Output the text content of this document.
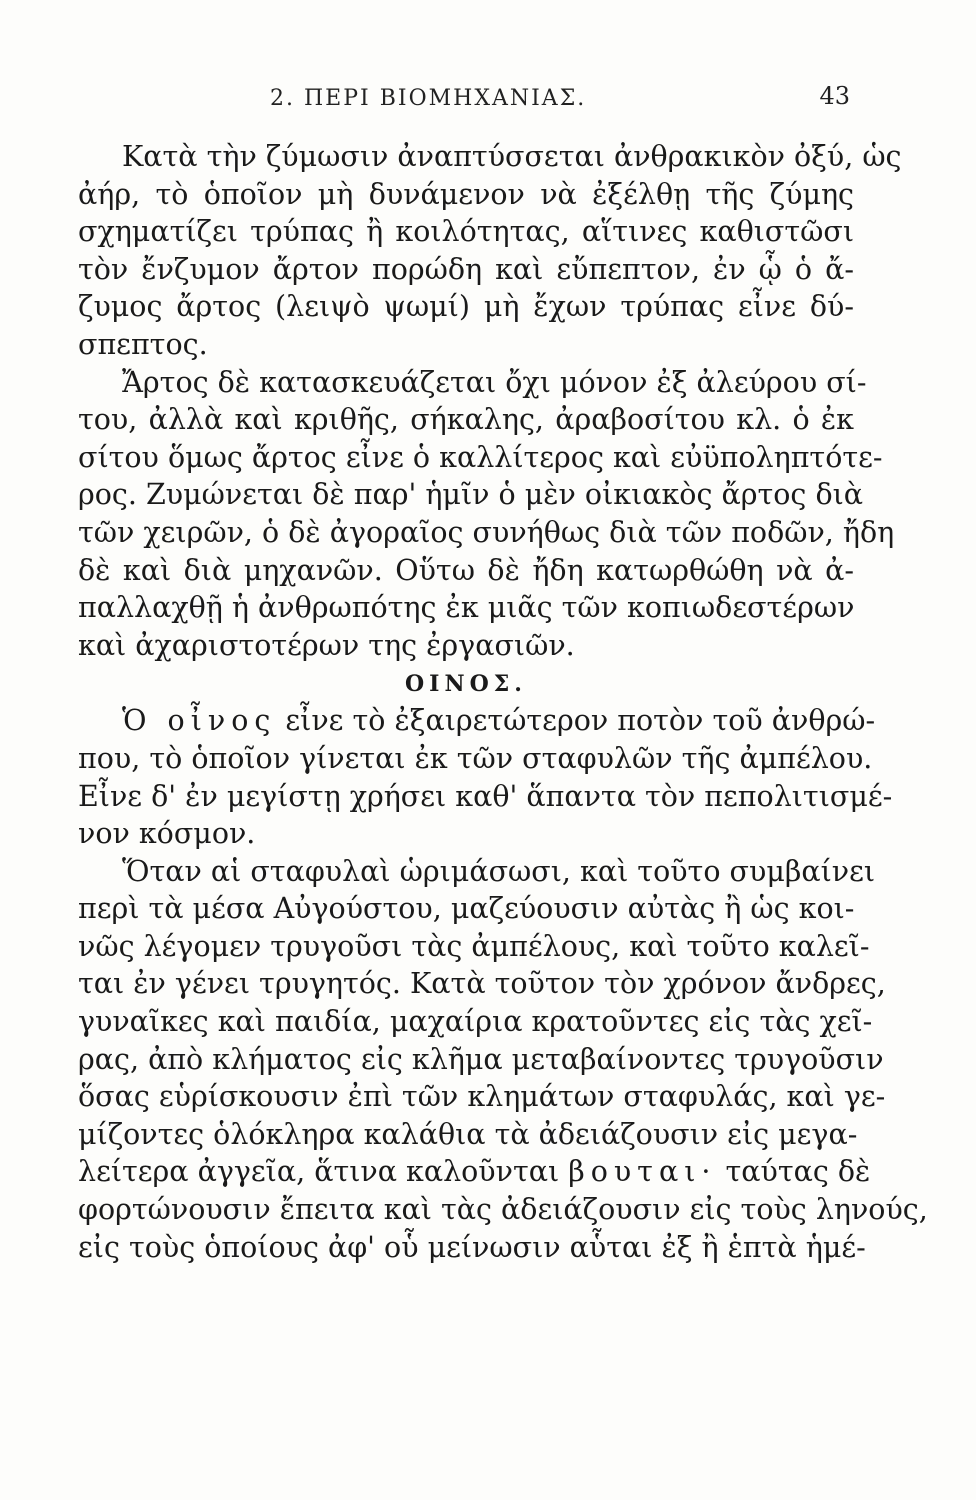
2. ΠΕΡΙ ΒΙΟΜΗΧΑΝΙΑΣ.	43
Κατὰ τὴν ζύμωσιν ἀναπτύσσεται ἀνθρακικὸν ὀξύ, ὡς
ἀήρ, τὸ ὁποῖον μὴ δυνάμενον νὰ ἐξέλθῃ τῆς ζύμης
σχηματίζει τρύπας ἢ κοιλότητας, αἵτινες καθιστῶσι
τὸν ἔνζυμον ἄρτον πορώδη καὶ εὔπεπτον, ἐν ᾧ ὁ ἄ-
ζυμος ἄρτος (λειψὸ ψωμί) μὴ ἔχων τρύπας εἶνε δύ-
σπεπτος.
Ἄρτος δὲ κατασκευάζεται ὄχι μόνον ἐξ ἀλεύρου σί-
του, ἀλλὰ καὶ κριθῆς, σήκαλης, ἀραβοσίτου κλ. ὁ ἐκ
σίτου ὅμως ἄρτος εἶνε ὁ καλλίτερος καὶ εὐϋποληπτότε-
ρος. Ζυμώνεται δὲ παρ' ἡμῖν ὁ μὲν οἰκιακὸς ἄρτος διὰ
τῶν χειρῶν, ὁ δὲ ἀγοραῖος συνήθως διὰ τῶν ποδῶν, ἤδη
δὲ καὶ διὰ μηχανῶν. Οὕτω δὲ ἤδη κατωρθώθη νὰ ἀ-
παλλαχθῇ ἡ ἀνθρωπότης ἐκ μιᾶς τῶν κοπιωδεστέρων
καὶ ἀχαριστοτέρων της ἐργασιῶν.
ΟΙΝΟΣ.
Ὁ οἶνος εἶνε τὸ ἐξαιρετώτερον ποτὸν τοῦ ἀνθρώ-
που, τὸ ὁποῖον γίνεται ἐκ τῶν σταφυλῶν τῆς ἀμπέλου.
Εἶνε δ' ἐν μεγίστῃ χρήσει καθ' ἅπαντα τὸν πεπολιτισμέ-
νον κόσμον.
Ὅταν αἱ σταφυλαὶ ὡριμάσωσι, καὶ τοῦτο συμβαίνει
περὶ τὰ μέσα Αὐγούστου, μαζεύουσιν αὐτὰς ἢ ὡς κοι-
νῶς λέγομεν τρυγοῦσι τὰς ἀμπέλους, καὶ τοῦτο καλεῖ-
ται ἐν γένει τρυγητός. Κατὰ τοῦτον τὸν χρόνον ἄνδρες,
γυναῖκες καὶ παιδία, μαχαίρια κρατοῦντες εἰς τὰς χεῖ-
ρας, ἀπὸ κλήματος εἰς κλῆμα μεταβαίνοντες τρυγοῦσιν
ὅσας εὑρίσκουσιν ἐπὶ τῶν κλημάτων σταφυλάς, καὶ γε-
μίζοντες ὁλόκληρα καλάθια τὰ ἀδειάζουσιν εἰς μεγα-
λείτερα ἀγγεῖα, ἅτινα καλοῦνται βουται· ταύτας δὲ
φορτώνουσιν ἔπειτα καὶ τὰς ἀδειάζουσιν εἰς τοὺς ληνούς,
εἰς τοὺς ὁποίους ἀφ' οὗ μείνωσιν αὗται ἐξ ἢ ἑπτὰ ἡμέ-
